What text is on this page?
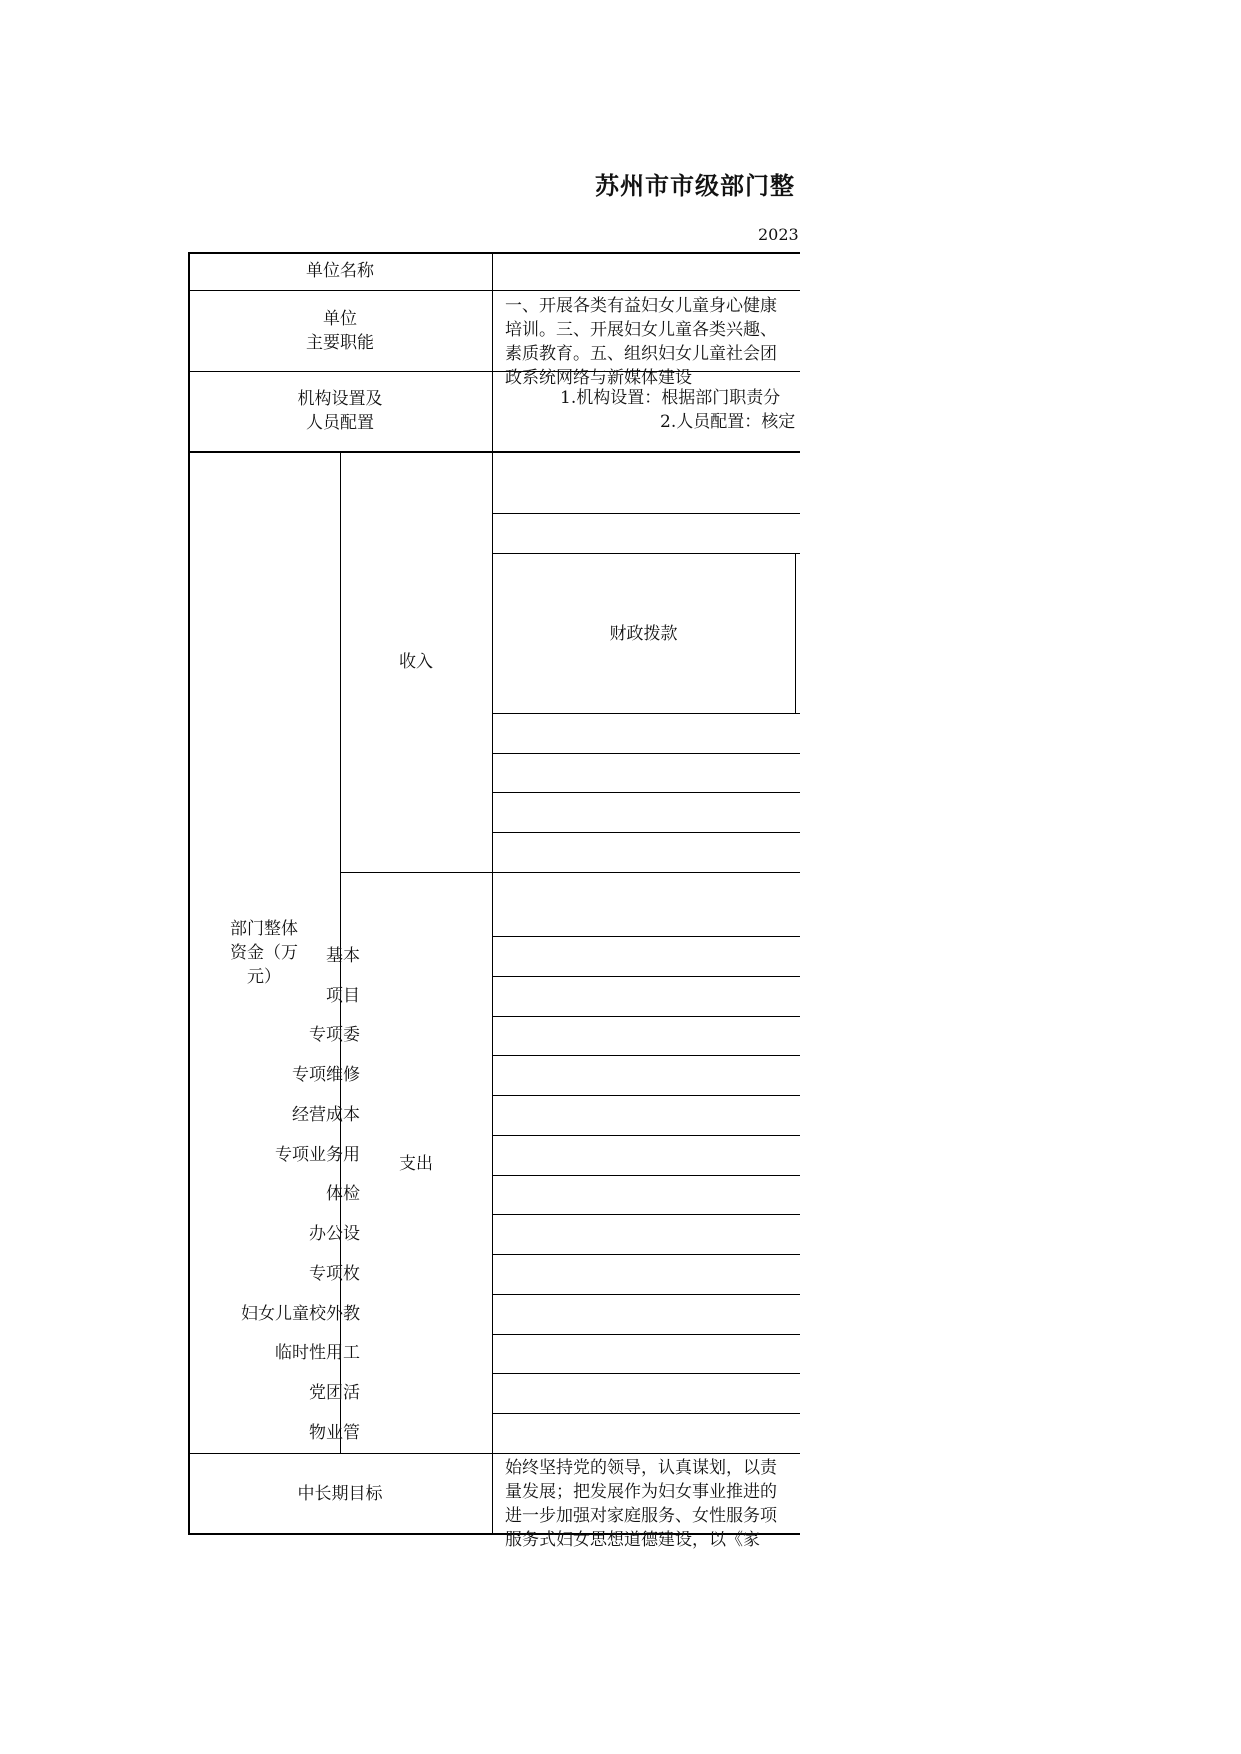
苏州市市级部门整
2023
单位名称
单位
主要职能
机构设置及
人员配置
部门整体
资金（万
元）
收入
财政拨款
支出
一、开展各类有益妇女儿童身心健康
培训。三、开展妇女儿童各类兴趣、
素质教育。五、组织妇女儿童社会团
政系统网络与新媒体建设
1.机构设置：根据部门职责分
2.人员配置：核定
基本
项目
专项委
专项维修
经营成本
专项业务用
体检
办公设
专项枚
妇女儿童校外教
临时性用工
党团活
物业管
中长期目标
始终坚持党的领导，认真谋划，以责
量发展；把发展作为妇女事业推进的
进一步加强对家庭服务、女性服务项
服务式妇女思想道德建设，以《家
